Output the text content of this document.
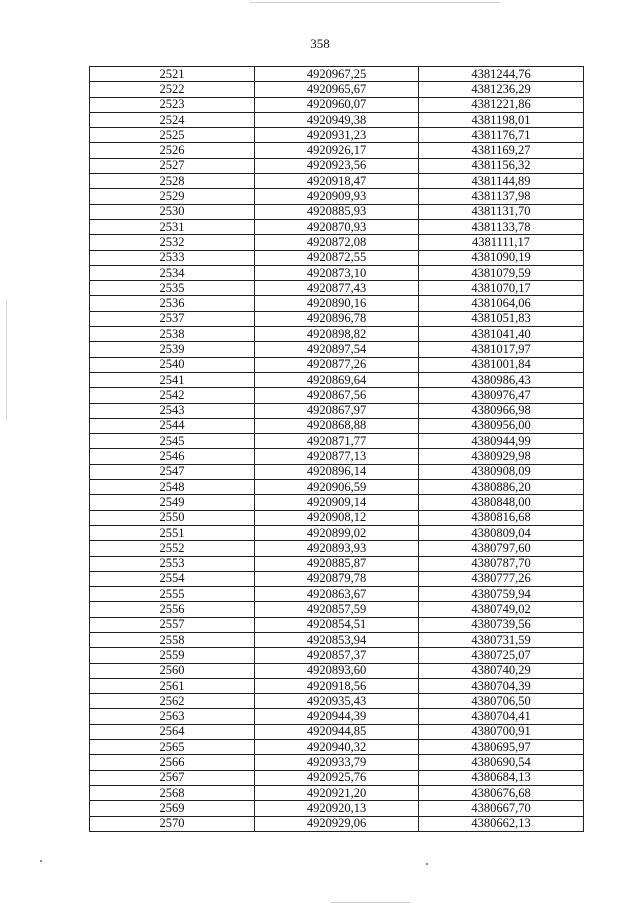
358
2521	4920967,25	4381244,76
2522	4920965,67	4381236,29
2523	4920960,07	4381221,86
2524	4920949,38	4381198,01
2525	4920931,23	4381176,71
2526	4920926,17	4381169,27
2527	4920923,56	4381156,32
2528	4920918,47	4381144,89
2529	4920909,93	4381137,98
2530	4920885,93	4381131,70
2531	4920870,93	4381133,78
2532	4920872,08	4381111,17
2533	4920872,55	4381090,19
2534	4920873,10	4381079,59
2535	4920877,43	4381070,17
2536	4920890,16	4381064,06
2537	4920896,78	4381051,83
2538	4920898,82	4381041,40
2539	4920897,54	4381017,97
2540	4920877,26	4381001,84
2541	4920869,64	4380986,43
2542	4920867,56	4380976,47
2543	4920867,97	4380966,98
2544	4920868,88	4380956,00
2545	4920871,77	4380944,99
2546	4920877,13	4380929,98
2547	4920896,14	4380908,09
2548	4920906,59	4380886,20
2549	4920909,14	4380848,00
2550	4920908,12	4380816,68
2551	4920899,02	4380809,04
2552	4920893,93	4380797,60
2553	4920885,87	4380787,70
2554	4920879,78	4380777,26
2555	4920863,67	4380759,94
2556	4920857,59	4380749,02
2557	4920854,51	4380739,56
2558	4920853,94	4380731,59
2559	4920857,37	4380725,07
2560	4920893,60	4380740,29
2561	4920918,56	4380704,39
2562	4920935,43	4380706,50
2563	4920944,39	4380704,41
2564	4920944,85	4380700,91
2565	4920940,32	4380695,97
2566	4920933,79	4380690,54
2567	4920925,76	4380684,13
2568	4920921,20	4380676,68
2569	4920920,13	4380667,70
2570	4920929,06	4380662,13
